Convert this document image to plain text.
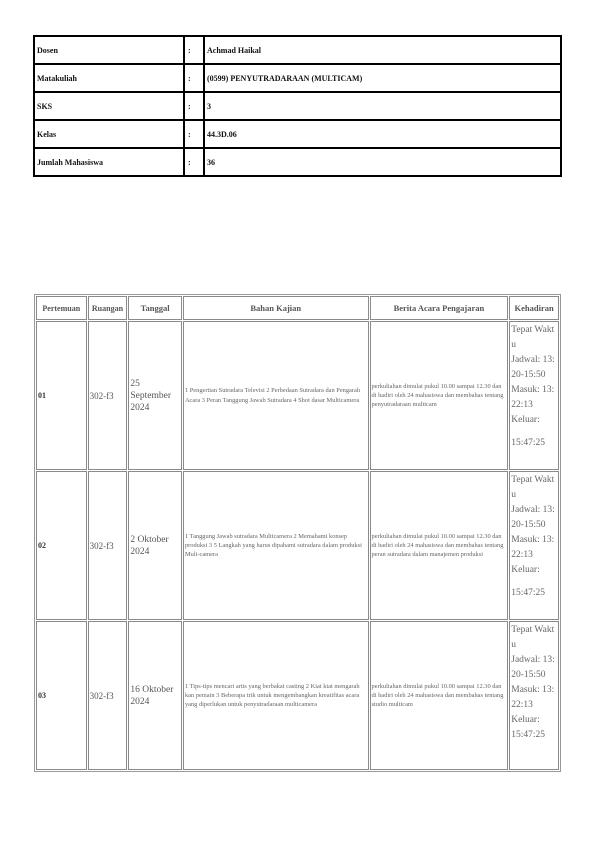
Dosen	:	Achmad Haikal
Matakuliah	:	(0599) PENYUTRADARAAN (MULTICAM)
SKS	:	3
Kelas	:	44.3D.06
Jumlah Mahasiswa	:	36
Pertemuan	Ruangan	Tanggal	Bahan Kajian	Berita Acara Pengajaran	Kehadiran
01	302-f3	25 September 2024	1 Pengertian Sutradara Televisi 2 Perbedaan Sutradara dan Pengarah Acara 3 Peran Tanggung Jawab Sutradara 4 Shot dasar Multicamera	perkuliahan dimulai pukul 10.00 sampai 12.30 dan di hadiri oleh 24 mahasiswa dan membahas tentang penyutradaraan multicam	Tepat Waktu
Jadwal: 13:20-15:50
Masuk: 13:22:13
Keluar:
15:47:25

02	302-f3	2 Oktober 2024	1 Tanggung Jawab sutradara Multicamera 2 Memahami konsep produksi 3 5 Langkah yang harus dipahami sutradara dalam produksi Muli-camera	perkuliahan dimulai pukul 10.00 sampai 12.30 dan di hadiri oleh 24 mahasiswa dan membahas tentang peran sutradara dalam manajemen produksi	Tepat Waktu
Jadwal: 13:20-15:50
Masuk: 13:22:13
Keluar:
15:47:25

03	302-f3	16 Oktober 2024	1 Tips-tips mencari artis yang berbakat casting 2 Kiat kiat mengarah kan pemain 3 Beberapa trik untuk mengembangkan kreatifitas acara yang diperlukan untuk penyutradaraan multicamera	perkuliahan dimulai pukul 10.00 sampai 12.30 dan di hadiri oleh 24 mahasiswa dan membahas tentang studio multicam	Tepat Waktu
Jadwal: 13:20-15:50
Masuk: 13:22:13
Keluar:
15:47:25
